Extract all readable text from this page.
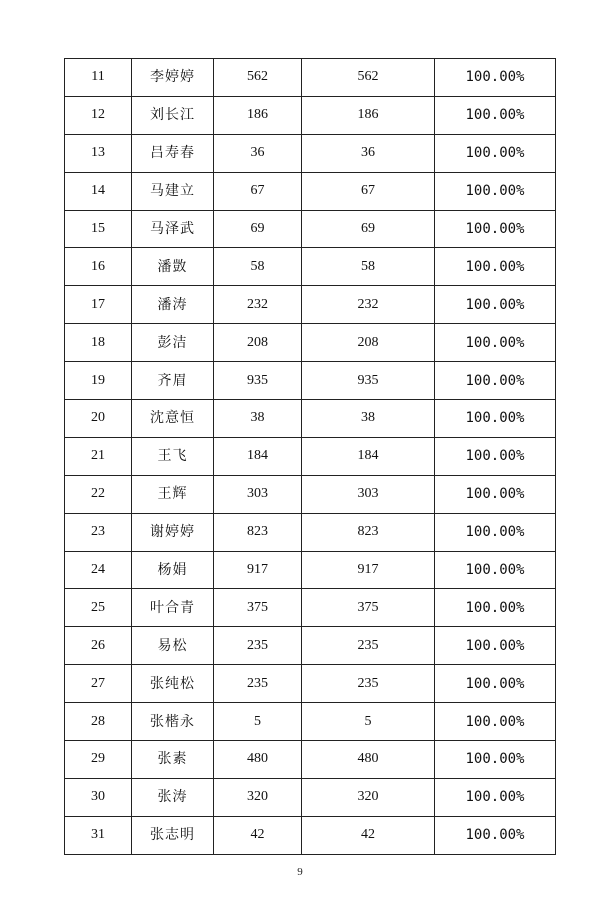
11	李婷婷	562	562	100.00%
12	刘长江	186	186	100.00%
13	吕寿春	36	36	100.00%
14	马建立	67	67	100.00%
15	马泽武	69	69	100.00%
16	潘敳	58	58	100.00%
17	潘涛	232	232	100.00%
18	彭洁	208	208	100.00%
19	齐眉	935	935	100.00%
20	沈意恒	38	38	100.00%
21	王飞	184	184	100.00%
22	王辉	303	303	100.00%
23	谢婷婷	823	823	100.00%
24	杨娟	917	917	100.00%
25	叶合青	375	375	100.00%
26	易松	235	235	100.00%
27	张纯松	235	235	100.00%
28	张楷永	5	5	100.00%
29	张素	480	480	100.00%
30	张涛	320	320	100.00%
31	张志明	42	42	100.00%
9
